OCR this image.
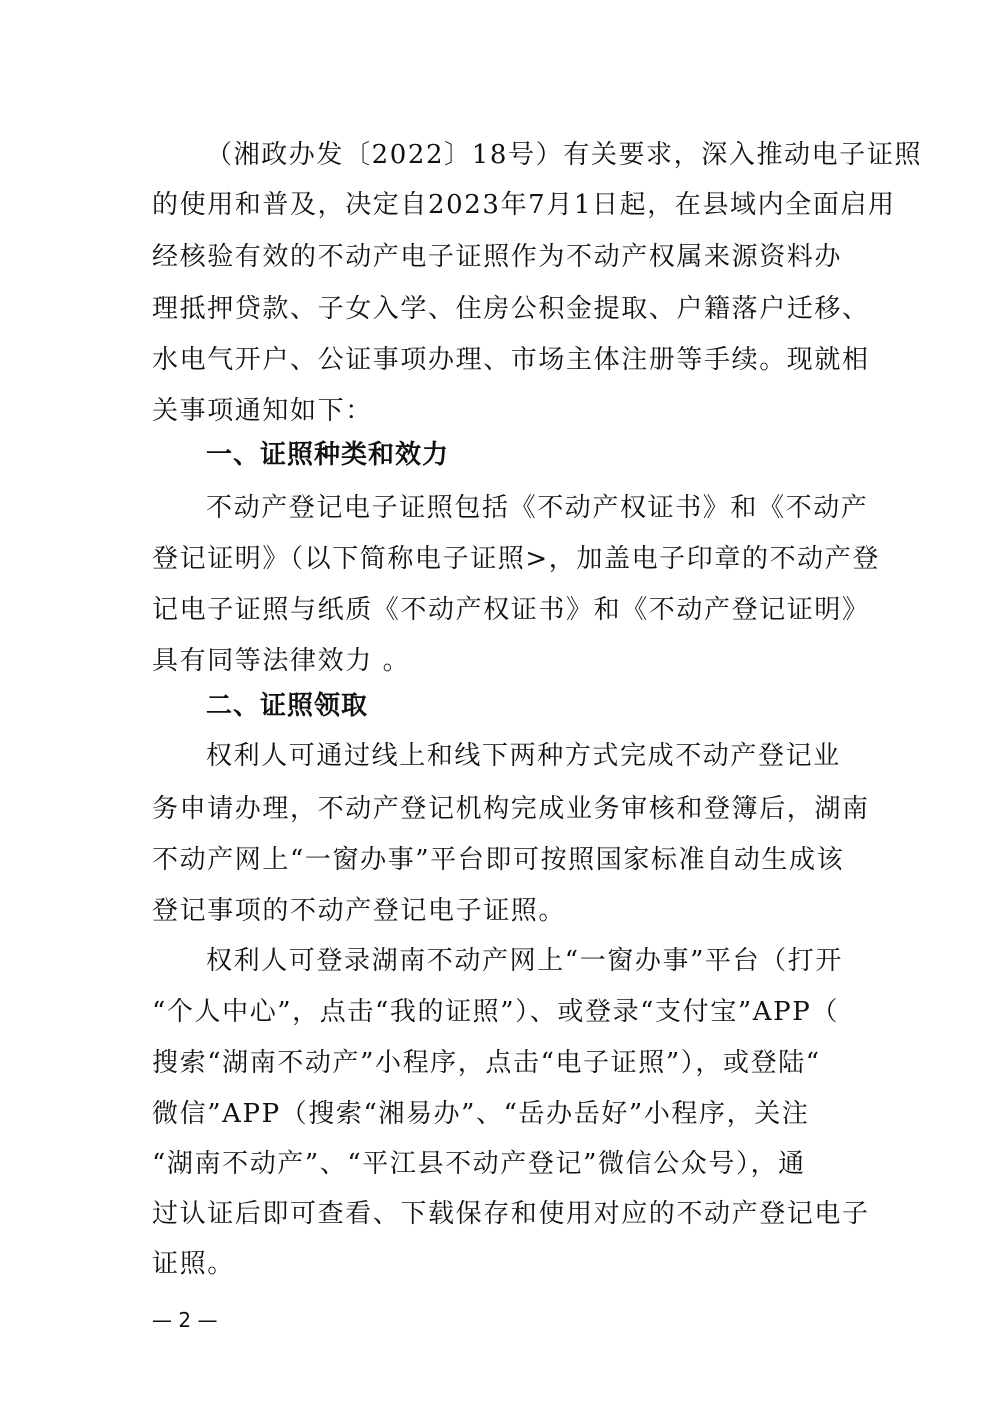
（湘政办发〔2022〕18号）有关要求，深入推动电子证照
的使用和普及，决定自2023年7月1日起，在县域内全面启用
经核验有效的不动产电子证照作为不动产权属来源资料办
理抵押贷款、子女入学、住房公积金提取、户籍落户迁移、
水电气开户、公证事项办理、市场主体注册等手续。现就相
关事项通知如下：
一、证照种类和效力
不动产登记电子证照包括《不动产权证书》和《不动产
登记证明》（以下简称电子证照>，加盖电子印章的不动产登
记电子证照与纸质《不动产权证书》和《不动产登记证明》
具有同等法律效力 。
二、证照领取
权利人可通过线上和线下两种方式完成不动产登记业
务申请办理，不动产登记机构完成业务审核和登簿后，湖南
不动产网上“一窗办事”平台即可按照国家标准自动生成该
登记事项的不动产登记电子证照。
权利人可登录湖南不动产网上“一窗办事”平台（打开
“个人中心”，点击“我的证照”）、或登录“支付宝”APP（
搜索“湖南不动产”小程序，点击“电子证照”），或登陆“
微信”APP（搜索“湘易办”、“岳办岳好”小程序，关注
“湖南不动产”、“平江县不动产登记”微信公众号），通
过认证后即可查看、下载保存和使用对应的不动产登记电子
证照。
— 2 —
